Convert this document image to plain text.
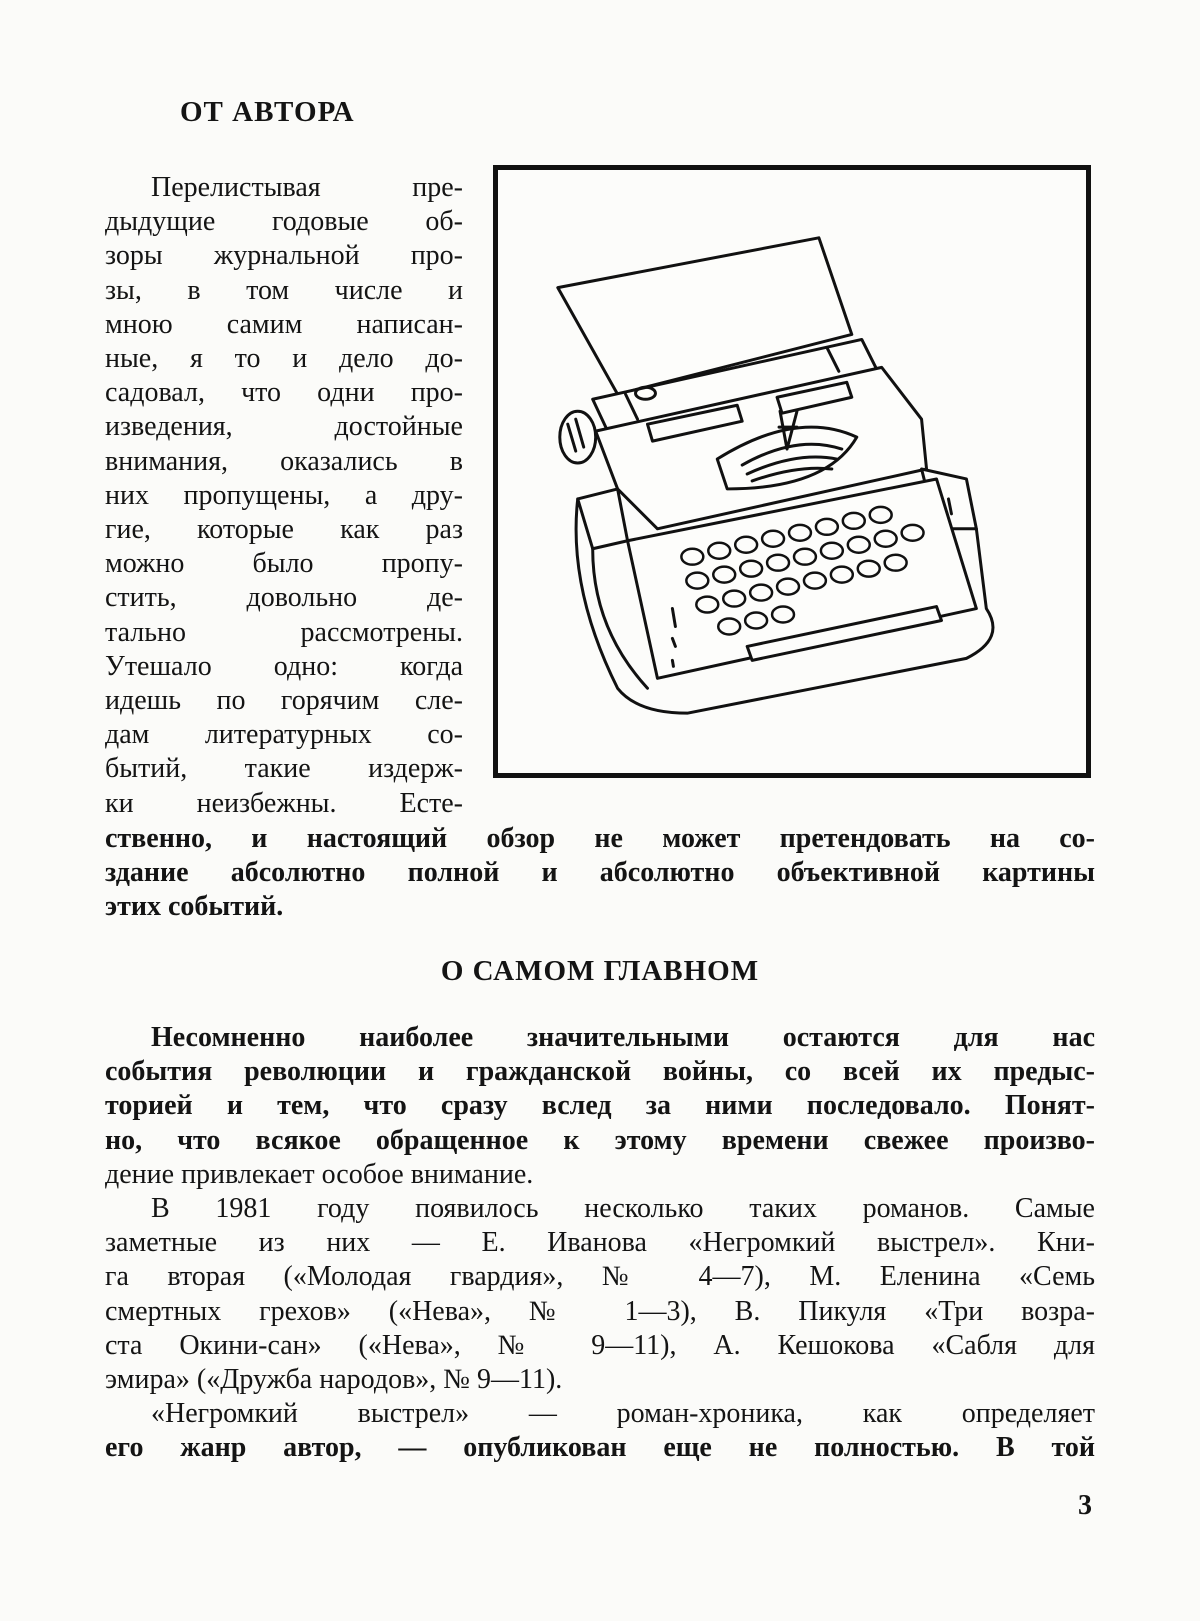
ОТ АВТОРА
Перелистывая пре-
дыдущие годовые об-
зоры журнальной про-
зы, в том числе и
мною самим написан-
ные, я то и дело до-
садовал, что одни про-
изведения, достойные
внимания, оказались в
них пропущены, а дру-
гие, которые как раз
можно было пропу-
стить, довольно де-
тально рассмотрены.
Утешало одно: когда
идешь по горячим сле-
дам литературных со-
бытий, такие издерж-
ки неизбежны. Есте-
ственно, и настоящий обзор не может претендовать на со-
здание абсолютно полной и абсолютно объективной картины
этих событий.
О САМОМ ГЛАВНОМ
Несомненно наиболее значительными остаются для нас
события революции и гражданской войны, со всей их предыс-
торией и тем, что сразу вслед за ними последовало. Понят-
но, что всякое обращенное к этому времени свежее произво-
дение привлекает особое внимание.
В 1981 году появилось несколько таких романов. Самые
заметные из них — Е. Иванова «Негромкий выстрел». Кни-
га вторая («Молодая гвардия», № 4—7), М. Еленина «Семь
смертных грехов» («Нева», № 1—3), В. Пикуля «Три возра-
ста Окини-сан» («Нева», № 9—11), А. Кешокова «Сабля для
эмира» («Дружба народов», № 9—11).
«Негромкий выстрел» — роман-хроника, как определяет
его жанр автор, — опубликован еще не полностью. В той

3
